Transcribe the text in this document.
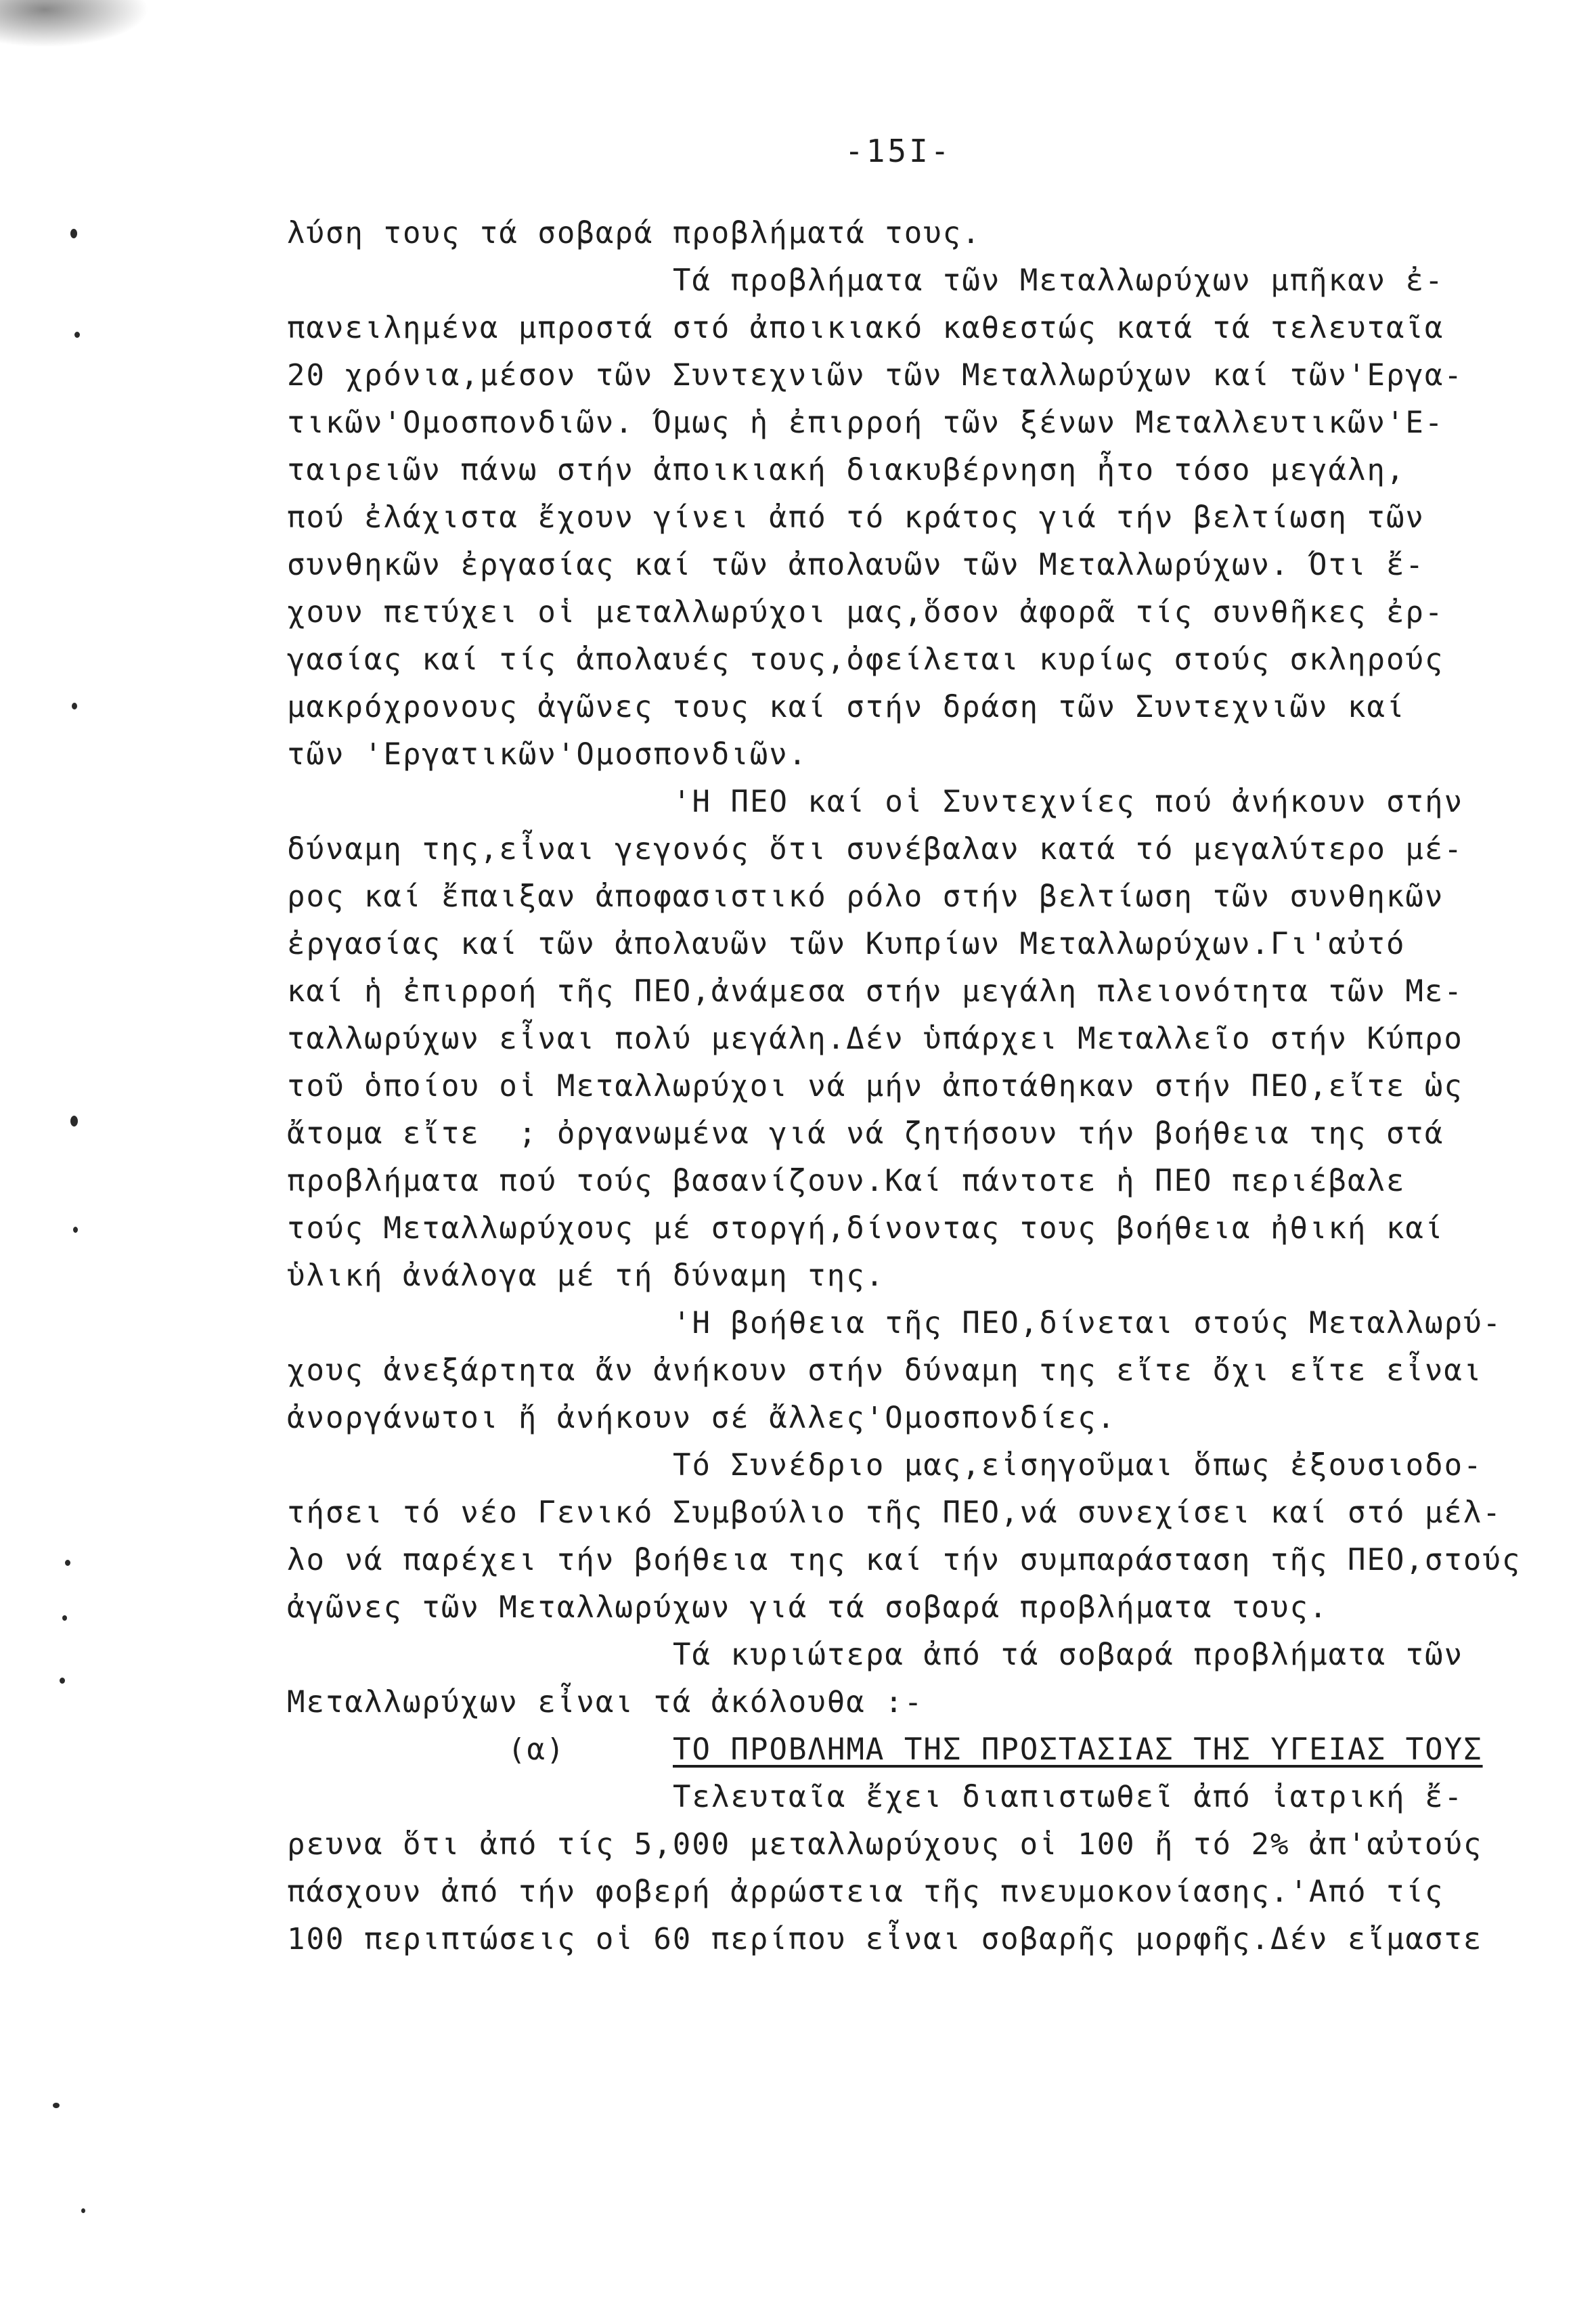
-15I-
λύση τους τά σοβαρά προβλήματά τους.
Τά προβλήματα τῶν Μεταλλωρύχων μπῆκαν ἐ-
πανειλημένα μπροστά στό ἀποικιακό καθεστώς κατά τά τελευταῖα
20 χρόνια,μέσον τῶν Συντεχνιῶν τῶν Μεταλλωρύχων καί τῶν'Εργα-
τικῶν'Ομοσπονδιῶν. Όμως ἡ ἐπιρροή τῶν ξένων Μεταλλευτικῶν'Ε-
ταιρειῶν πάνω στήν ἀποικιακή διακυβέρνηση ἦτο τόσο μεγάλη,
πού ἐλάχιστα ἔχουν γίνει ἀπό τό κράτος γιά τήν βελτίωση τῶν
συνθηκῶν ἐργασίας καί τῶν ἀπολαυῶν τῶν Μεταλλωρύχων. Ότι ἔ-
χουν πετύχει οἱ μεταλλωρύχοι μας,ὅσον ἀφορᾶ τίς συνθῆκες ἐρ-
γασίας καί τίς ἀπολαυές τους,ὀφείλεται κυρίως στούς σκληρούς
μακρόχρονους ἀγῶνες τους καί στήν δράση τῶν Συντεχνιῶν καί
τῶν 'Εργατικῶν'Ομοσπονδιῶν.
'Η ΠΕΟ καί οἱ Συντεχνίες πού ἀνήκουν στήν
δύναμη της,εἶναι γεγονός ὅτι συνέβαλαν κατά τό μεγαλύτερο μέ-
ρος καί ἔπαιξαν ἀποφασιστικό ρόλο στήν βελτίωση τῶν συνθηκῶν
ἐργασίας καί τῶν ἀπολαυῶν τῶν Κυπρίων Μεταλλωρύχων.Γι'αὐτό
καί ἡ ἐπιρροή τῆς ΠΕΟ,ἀνάμεσα στήν μεγάλη πλειονότητα τῶν Με-
ταλλωρύχων εἶναι πολύ μεγάλη.Δέν ὑπάρχει Μεταλλεῖο στήν Κύπρο
τοῦ ὁποίου οἱ Μεταλλωρύχοι νά μήν ἀποτάθηκαν στήν ΠΕΟ,εἴτε ὡς
ἄτομα εἴτε  ; ὀργανωμένα γιά νά ζητήσουν τήν βοήθεια της στά
προβλήματα πού τούς βασανίζουν.Καί πάντοτε ἡ ΠΕΟ περιέβαλε
τούς Μεταλλωρύχους μέ στοργή,δίνοντας τους βοήθεια ἠθική καί
ὑλική ἀνάλογα μέ τή δύναμη της.
'Η βοήθεια τῆς ΠΕΟ,δίνεται στούς Μεταλλωρύ-
χους ἀνεξάρτητα ἄν ἀνήκουν στήν δύναμη της εἴτε ὄχι εἴτε εἶναι
ἀνοργάνωτοι ἤ ἀνήκουν σέ ἄλλες'Ομοσπονδίες.
Τό Συνέδριο μας,εἰσηγοῦμαι ὅπως ἐξουσιοδο-
τήσει τό νέο Γενικό Συμβούλιο τῆς ΠΕΟ,νά συνεχίσει καί στό μέλ-
λο νά παρέχει τήν βοήθεια της καί τήν συμπαράσταση τῆς ΠΕΟ,στούς
ἀγῶνες τῶν Μεταλλωρύχων γιά τά σοβαρά προβλήματα τους.
Τά κυριώτερα ἀπό τά σοβαρά προβλήματα τῶν
Μεταλλωρύχων εἶναι τά ἀκόλουθα :-
(α)	ΤΟ ΠΡΟΒΛΗΜΑ ΤΗΣ ΠΡΟΣΤΑΣΙΑΣ ΤΗΣ ΥΓΕΙΑΣ ΤΟΥΣ
Τελευταῖα ἔχει διαπιστωθεῖ ἀπό ἰατρική ἔ-
ρευνα ὅτι ἀπό τίς 5,000 μεταλλωρύχους οἱ 100 ἤ τό 2% ἀπ'αὐτούς
πάσχουν ἀπό τήν φοβερή ἀρρώστεια τῆς πνευμοκονίασης.'Από τίς
100 περιπτώσεις οἱ 60 περίπου εἶναι σοβαρῆς μορφῆς.Δέν εἴμαστε
